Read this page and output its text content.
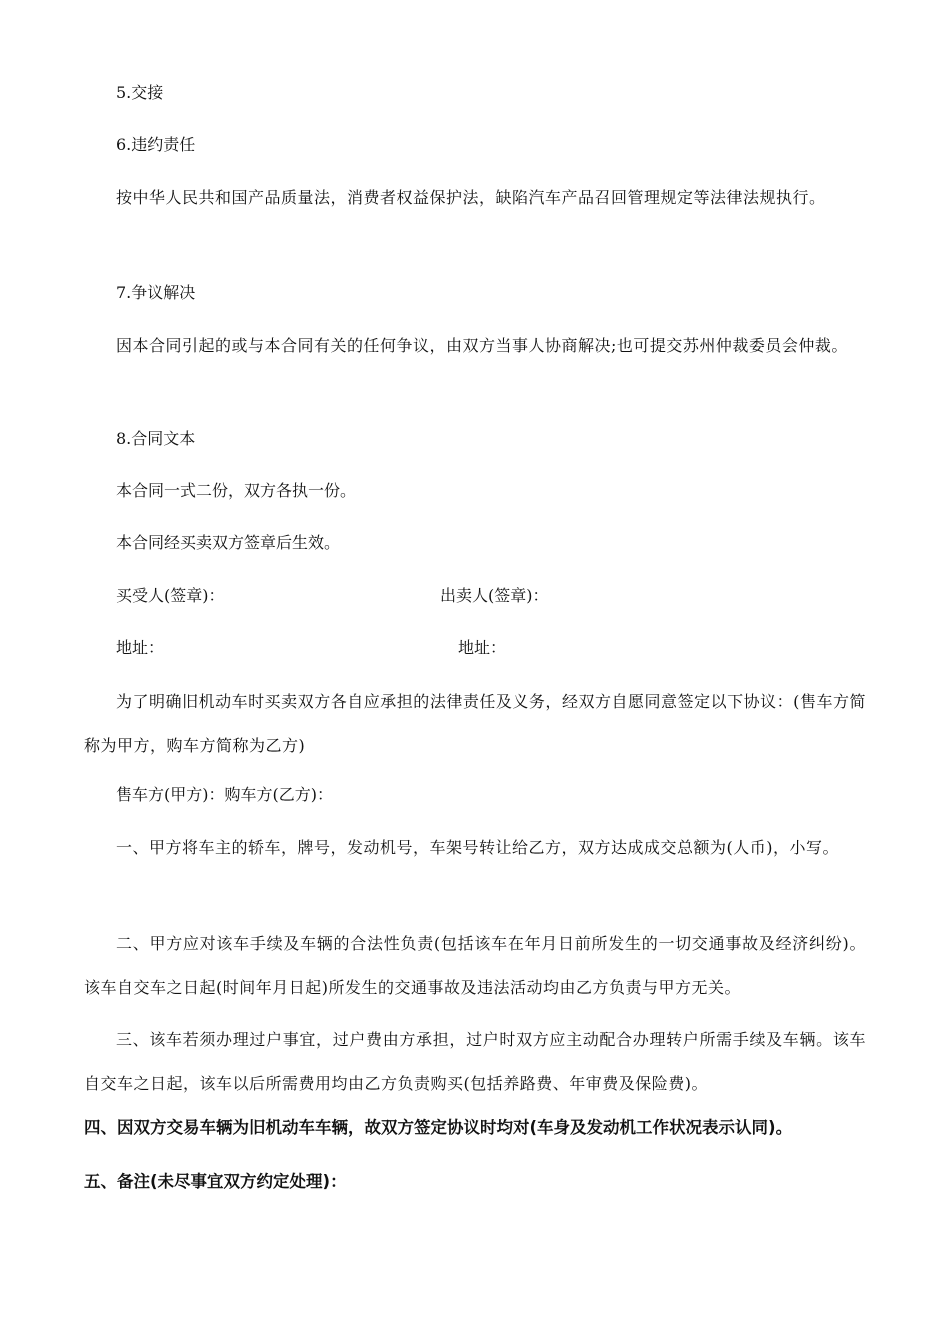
5.交接
6.违约责任
按中华人民共和国产品质量法，消费者权益保护法，缺陷汽车产品召回管理规定等法律法规执行。
7.争议解决
因本合同引起的或与本合同有关的任何争议，由双方当事人协商解决;也可提交苏州仲裁委员会仲裁。
8.合同文本
本合同一式二份，双方各执一份。
本合同经买卖双方签章后生效。
买受人(签章)：	出卖人(签章)：
地址：	地址：
为了明确旧机动车时买卖双方各自应承担的法律责任及义务，经双方自愿同意签定以下协议：(售车方简称为甲方，购车方简称为乙方)
售车方(甲方)：购车方(乙方)：
一、甲方将车主的轿车，牌号，发动机号，车架号转让给乙方，双方达成成交总额为(人币)，小写。
二、甲方应对该车手续及车辆的合法性负责(包括该车在年月日前所发生的一切交通事故及经济纠纷)。该车自交车之日起(时间年月日起)所发生的交通事故及违法活动均由乙方负责与甲方无关。
三、该车若须办理过户事宜，过户费由方承担，过户时双方应主动配合办理转户所需手续及车辆。该车自交车之日起，该车以后所需费用均由乙方负责购买(包括养路费、年审费及保险费)。
四、因双方交易车辆为旧机动车车辆，故双方签定协议时均对(车身及发动机工作状况表示认同)。
五、备注(未尽事宜双方约定处理)：
